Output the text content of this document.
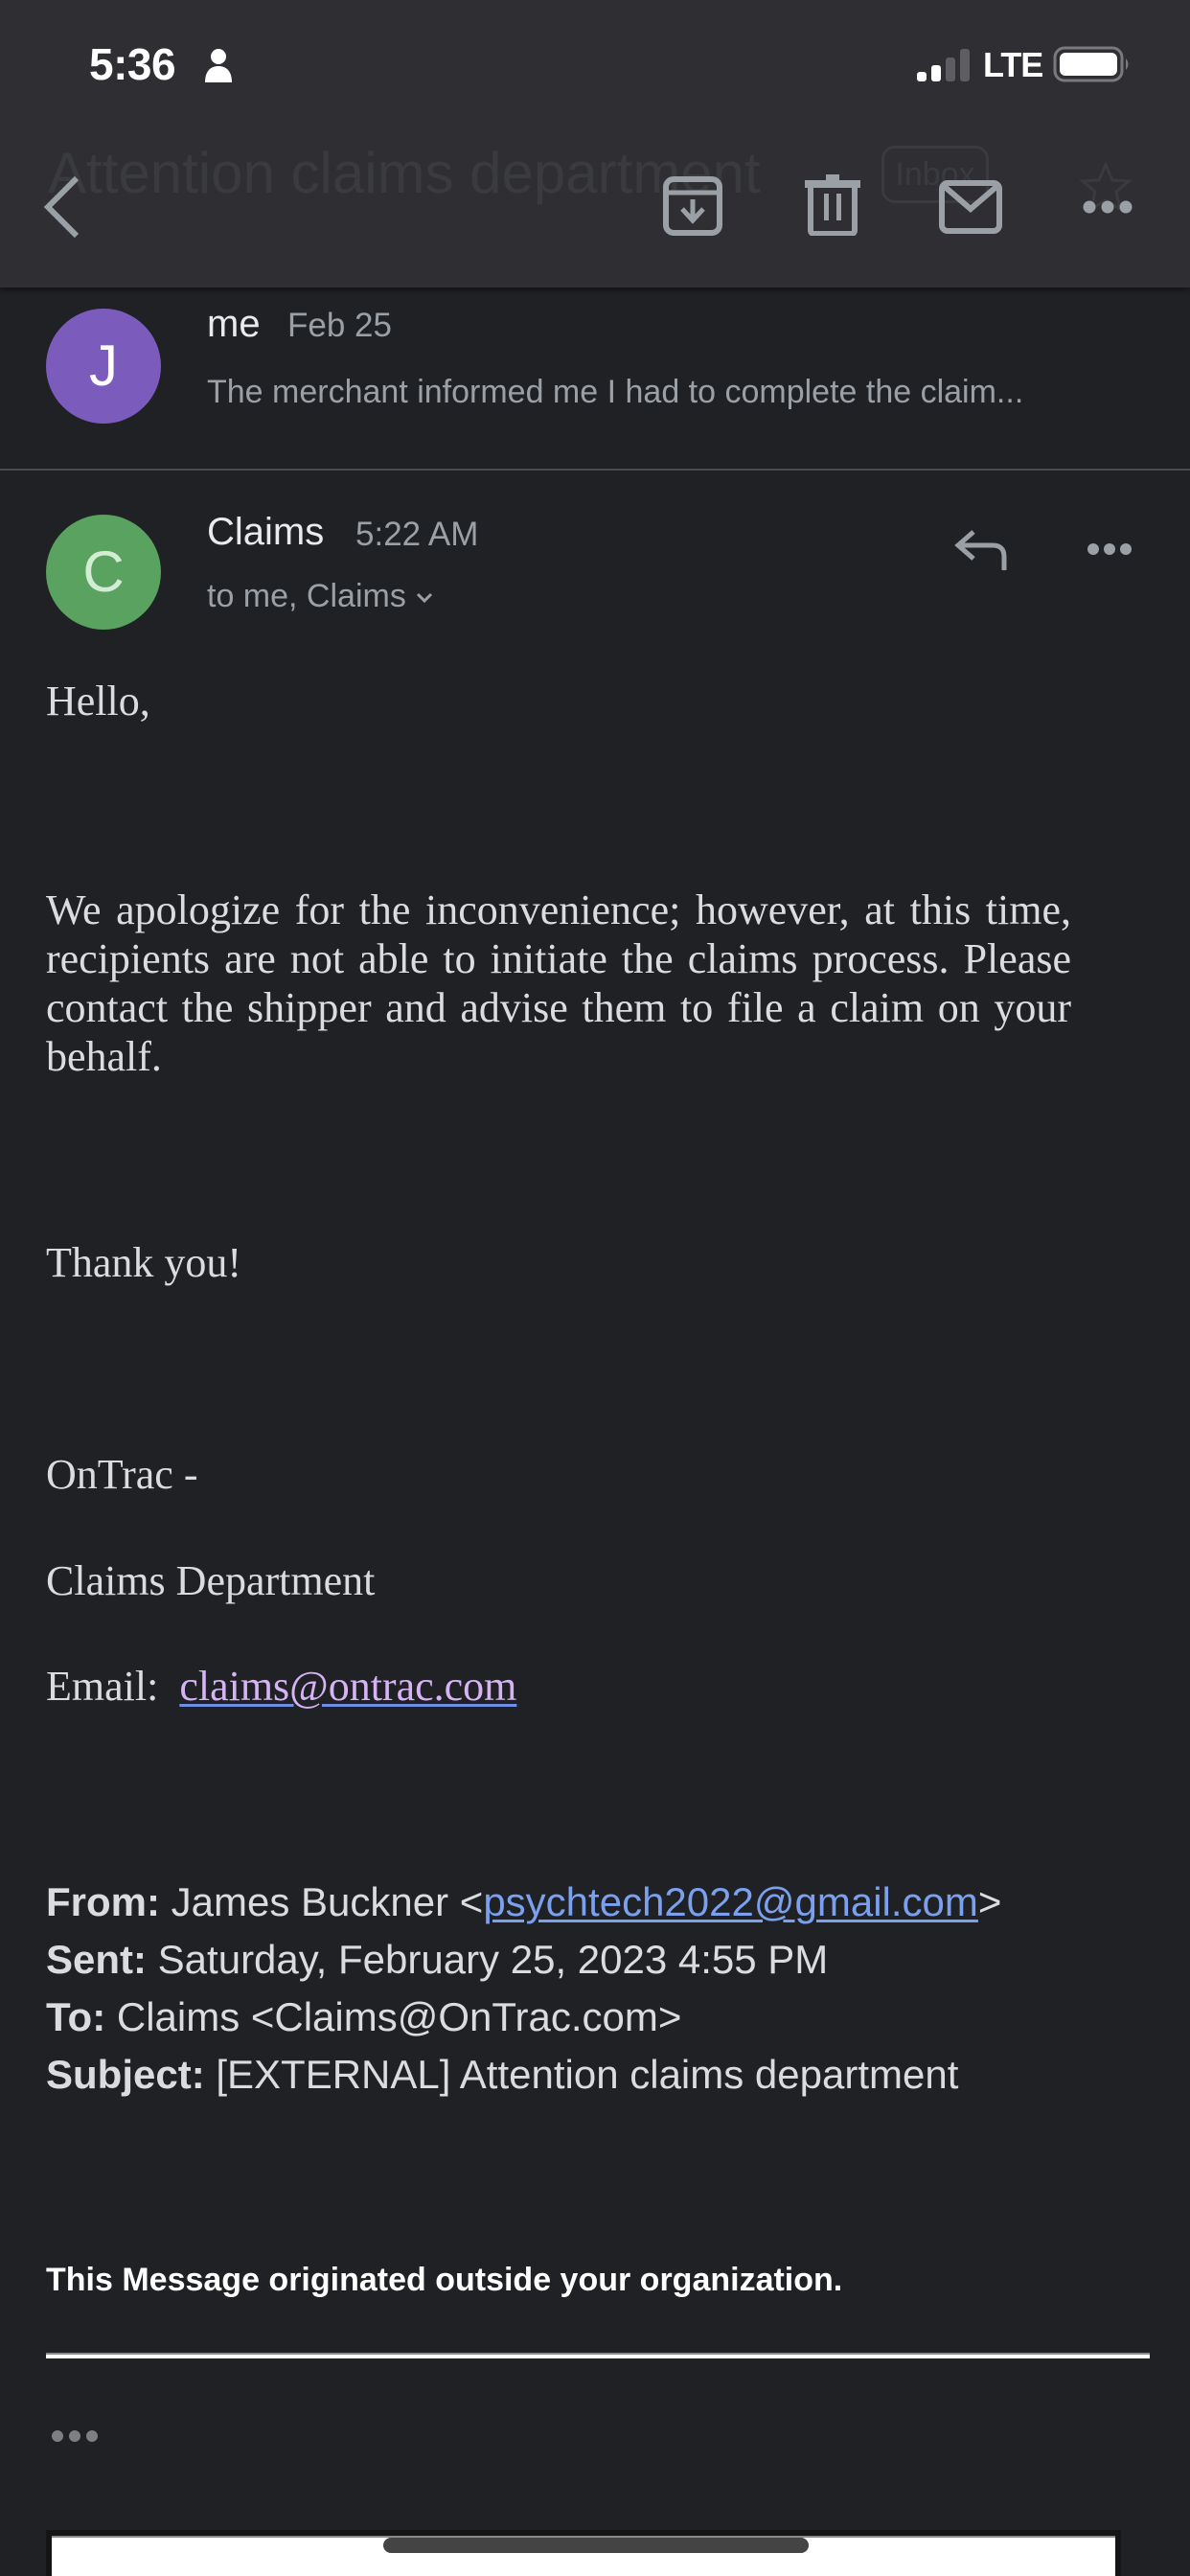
5:36	LTE
Attention claims department	Inbox
J
me Feb 25
The merchant informed me I had to complete the claim...
C
Claims 5:22 AM
to me, Claims
Hello,
We apologize for the inconvenience; however, at this time, recipients are not able to initiate the claims process. Please contact the shipper and advise them to file a claim on your behalf.
Thank you!
OnTrac -
Claims Department
Email: claims@ontrac.com
From: James Buckner <psychtech2022@gmail.com>
Sent: Saturday, February 25, 2023 4:55 PM
To: Claims <Claims@OnTrac.com>
Subject: [EXTERNAL] Attention claims department
This Message originated outside your organization.
